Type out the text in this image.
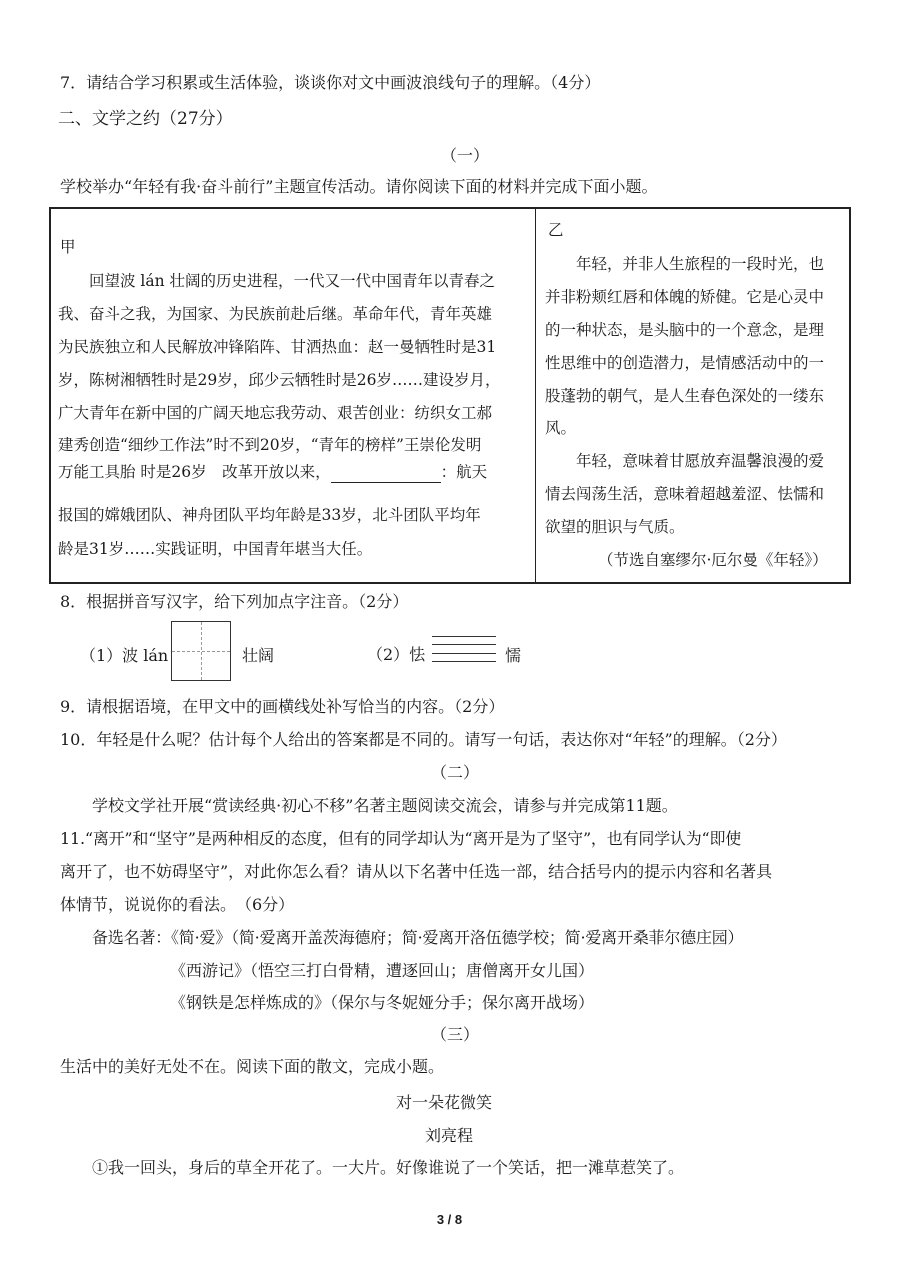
7．请结合学习积累或生活体验，谈谈你对文中画波浪线句子的理解。（4分）
二、文学之约（27分）
（一）
学校举办“年轻有我·奋斗前行”主题宣传活动。请你阅读下面的材料并完成下面小题。
甲
　　回望波 lán 壮阔的历史进程，一代又一代中国青年以青春之
我、奋斗之我，为国家、为民族前赴后继。革命年代，青年英雄
为民族独立和人民解放冲锋陷阵、甘洒热血：赵一曼牺牲时是31
岁，陈树湘牺牲时是29岁，邱少云牺牲时是26岁……建设岁月，
广大青年在新中国的广阔天地忘我劳动、艰苦创业：纺织女工郝
建秀创造“细纱工作法”时不到20岁，“青年的榜样”王崇伦发明
万能工具胎 时是26岁　改革开放以来，	：航天
报国的嫦娥团队、神舟团队平均年龄是33岁，北斗团队平均年
龄是31岁……实践证明，中国青年堪当大任。
乙
　　年轻，并非人生旅程的一段时光，也
并非粉颊红唇和体魄的矫健。它是心灵中
的一种状态，是头脑中的一个意念，是理
性思维中的创造潜力，是情感活动中的一
股蓬勃的朝气，是人生春色深处的一缕东
风。
　　年轻，意味着甘愿放弃温馨浪漫的爱
情去闯荡生活，意味着超越羞涩、怯懦和
欲望的胆识与气质。
（节选自塞缪尔·厄尔曼《年轻》）
8．根据拼音写汉字，给下列加点字注音。（2分）
（1）波 lán	壮阔	（2）怯	懦
9．请根据语境，在甲文中的画横线处补写恰当的内容。（2分）
10．年轻是什么呢？估计每个人给出的答案都是不同的。请写一句话，表达你对“年轻”的理解。（2分）
（二）
学校文学社开展“赏读经典·初心不移”名著主题阅读交流会，请参与并完成第11题。
11.“离开”和“坚守”是两种相反的态度，但有的同学却认为“离开是为了坚守”，也有同学认为“即使
离开了，也不妨碍坚守”，对此你怎么看？请从以下名著中任选一部，结合括号内的提示内容和名著具
体情节，说说你的看法。　（6分）
备选名著：《简·爱》（简·爱离开盖茨海德府；简·爱离开洛伍德学校；简·爱离开桑菲尔德庄园）
《西游记》（悟空三打白骨精，遭逐回山；唐僧离开女儿国）
《钢铁是怎样炼成的》（保尔与冬妮娅分手；保尔离开战场）
（三）
生活中的美好无处不在。阅读下面的散文，完成小题。
对一朵花微笑
刘亮程
①我一回头，身后的草全开花了。一大片。好像谁说了一个笑话，把一滩草惹笑了。
3 / 8
